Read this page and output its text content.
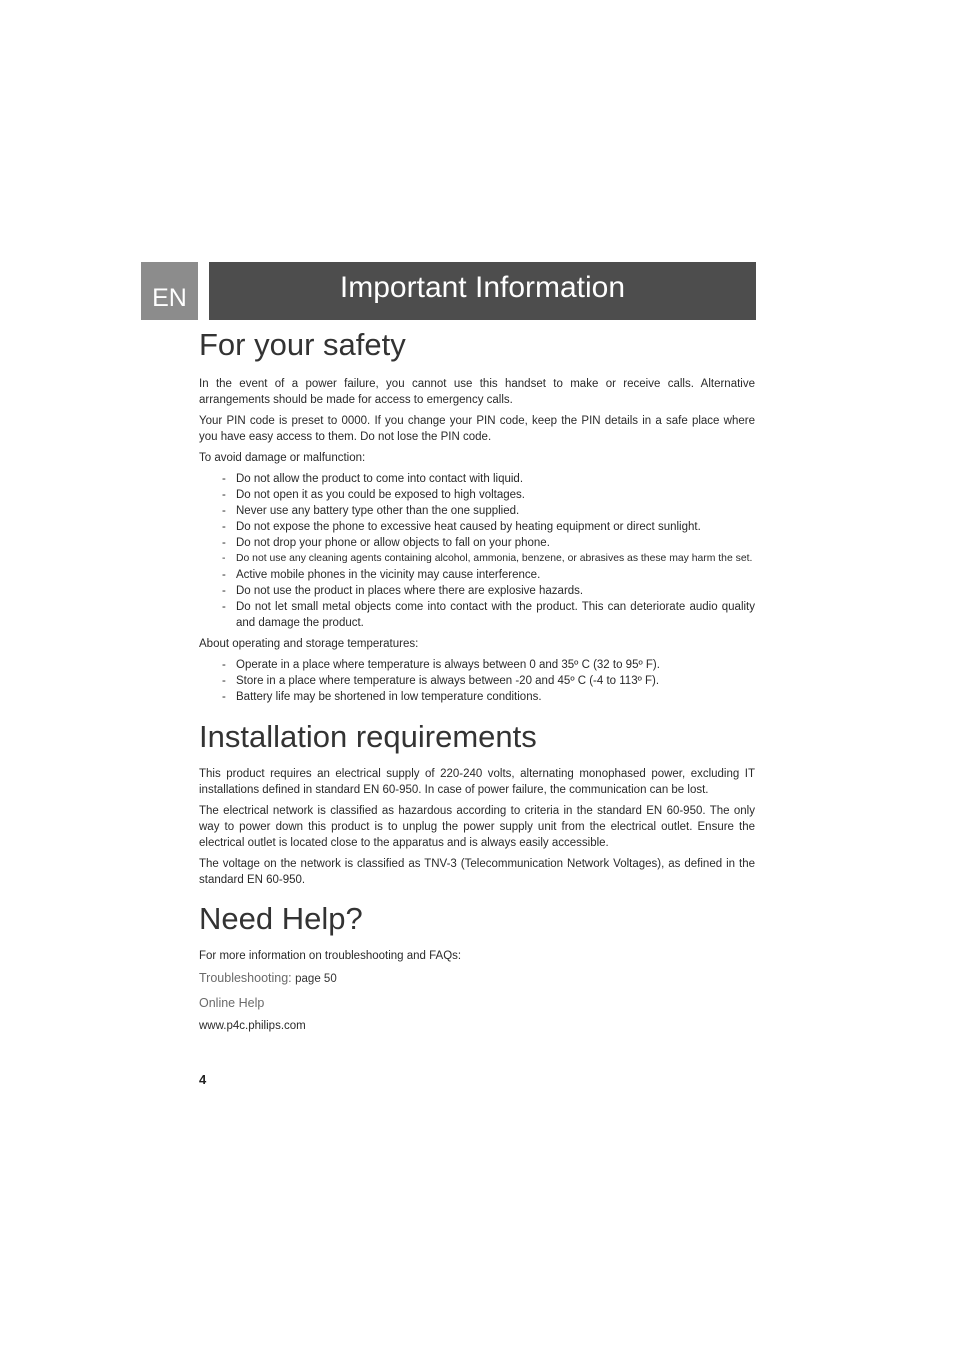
EN	Important Information
For your safety

In the event of a power failure, you cannot use this handset to make or receive calls. Alternative arrangements should be made for access to emergency calls.

Your PIN code is preset to 0000. If you change your PIN code, keep the PIN details in a safe place where you have easy access to them. Do not lose the PIN code.

To avoid damage or malfunction:

- Do not allow the product to come into contact with liquid.
- Do not open it as you could be exposed to high voltages.
- Never use any battery type other than the one supplied.
- Do not expose the phone to excessive heat caused by heating equipment or direct sunlight.
- Do not drop your phone or allow objects to fall on your phone.
- Do not use any cleaning agents containing alcohol, ammonia, benzene, or abrasives as these may harm the set.
- Active mobile phones in the vicinity may cause interference.
- Do not use the product in places where there are explosive hazards.
- Do not let small metal objects come into contact with the product. This can deteriorate audio quality and damage the product.

About operating and storage temperatures:

- Operate in a place where temperature is always between 0 and 35º C (32 to 95º F).
- Store in a place where temperature is always between -20 and 45º C (-4 to 113º F).
- Battery life may be shortened in low temperature conditions.
Installation requirements

This product requires an electrical supply of 220-240 volts, alternating monophased power, excluding IT installations defined in standard EN 60-950. In case of power failure, the communication can be lost.

The electrical network is classified as hazardous according to criteria in the standard EN 60-950. The only way to power down this product is to unplug the power supply unit from the electrical outlet. Ensure the electrical outlet is located close to the apparatus and is always easily accessible.

The voltage on the network is classified as TNV-3 (Telecommunication Network Voltages), as defined in the standard EN 60-950.

Need Help?

For more information on troubleshooting and FAQs:

Troubleshooting: page 50
Online Help
www.p4c.philips.com
4
